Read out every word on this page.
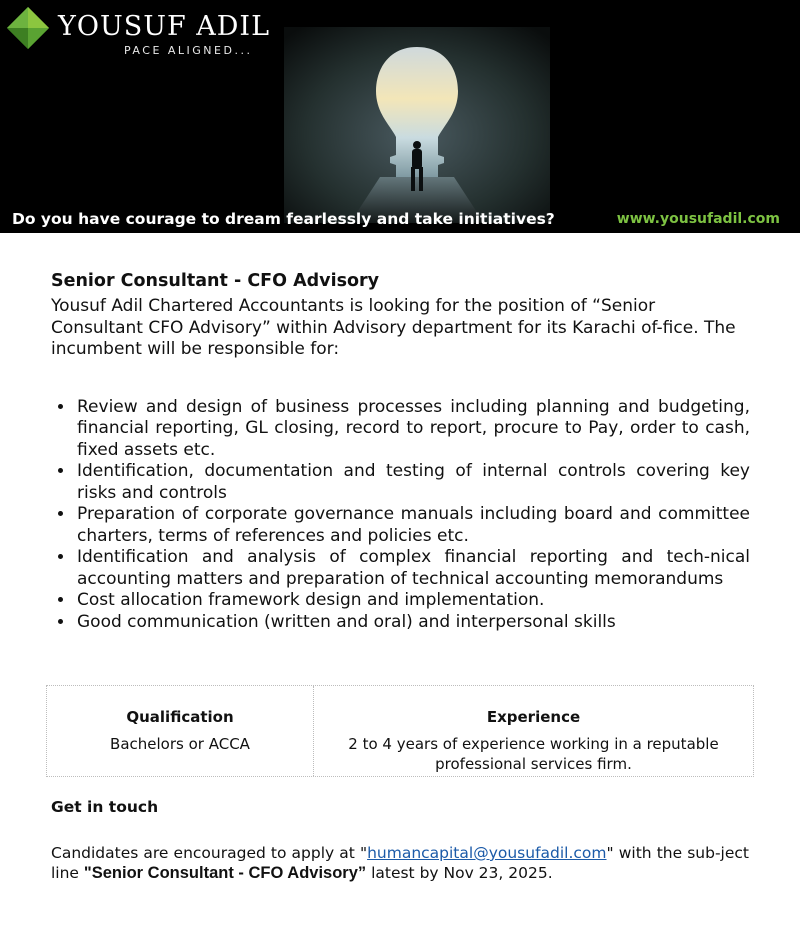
YOUSUF ADIL
PACE ALIGNED...
Do you have courage to dream fearlessly and take initiatives?	www.yousufadil.com
Senior Consultant - CFO Advisory

Yousuf Adil Chartered Accountants is looking for the position of “Senior Consultant CFO Advisory” within Advisory department for its Karachi of-fice. The incumbent will be responsible for:

• Review and design of business processes including planning and budgeting, financial reporting, GL closing, record to report, procure to Pay, order to cash, fixed assets etc.
• Identification, documentation and testing of internal controls covering key risks and controls
• Preparation of corporate governance manuals including board and committee charters, terms of references and policies etc.
• Identification and analysis of complex financial reporting and tech-nical accounting matters and preparation of technical accounting memorandums
• Cost allocation framework design and implementation.
• Good communication (written and oral) and interpersonal skills
Qualification
Bachelors or ACCA
Experience
2 to 4 years of experience working in a reputable professional services firm.
Get in touch

Candidates are encouraged to apply at "humancapital@yousufadil.com" with the sub-ject line "Senior Consultant - CFO Advisory” latest by Nov 23, 2025.
